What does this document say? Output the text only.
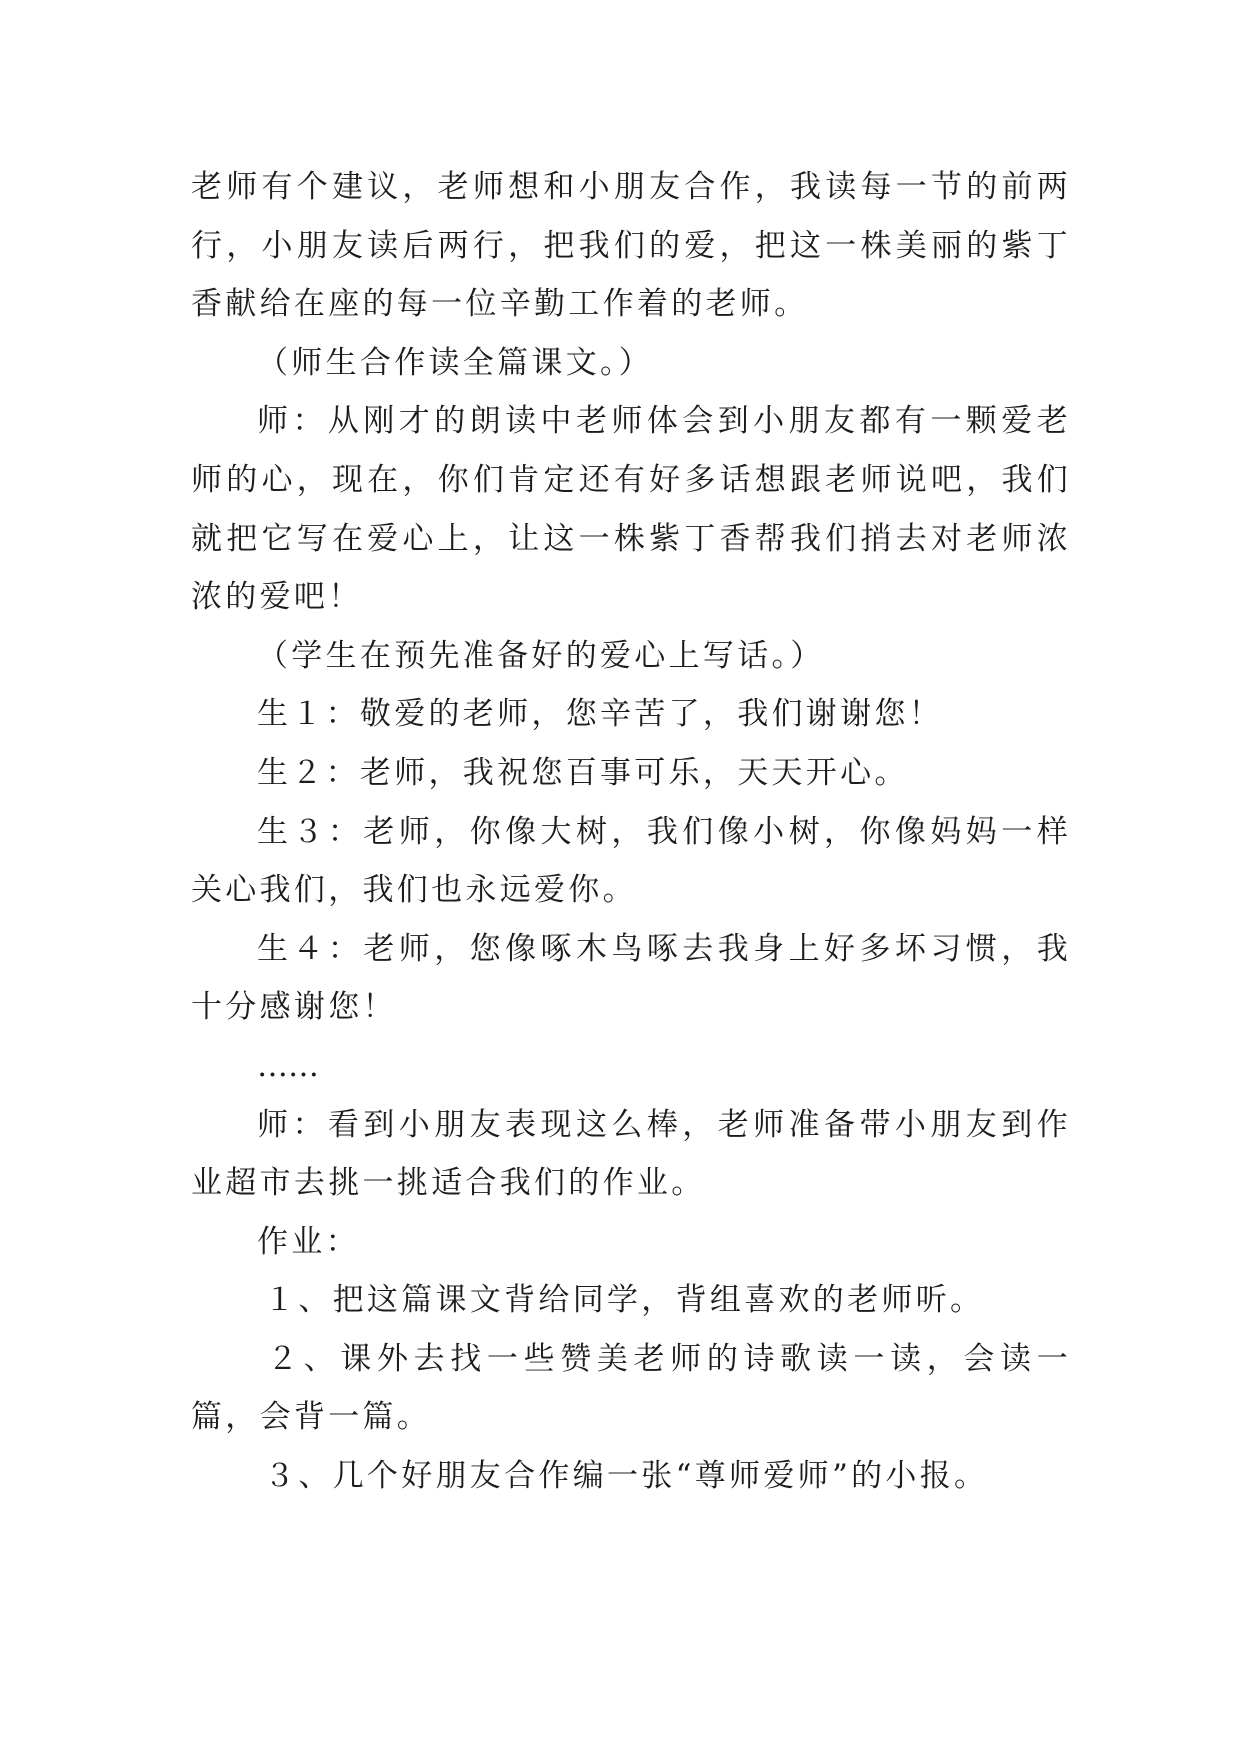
老师有个建议，老师想和小朋友合作，我读每一节的前两行，小朋友读后两行，把我们的爱，把这一株美丽的紫丁香献给在座的每一位辛勤工作着的老师。

（师生合作读全篇课文。）

师：从刚才的朗读中老师体会到小朋友都有一颗爱老师的心，现在，你们肯定还有好多话想跟老师说吧，我们就把它写在爱心上，让这一株紫丁香帮我们捎去对老师浓浓的爱吧！

（学生在预先准备好的爱心上写话。）

生１：敬爱的老师，您辛苦了，我们谢谢您！

生２：老师，我祝您百事可乐，天天开心。

生３：老师，你像大树，我们像小树，你像妈妈一样关心我们，我们也永远爱你。

生４：老师，您像啄木鸟啄去我身上好多坏习惯，我十分感谢您！

……

师：看到小朋友表现这么棒，老师准备带小朋友到作业超市去挑一挑适合我们的作业。

作业：

１、把这篇课文背给同学，背组喜欢的老师听。

２、课外去找一些赞美老师的诗歌读一读，会读一篇，会背一篇。

３、几个好朋友合作编一张“尊师爱师”的小报。
